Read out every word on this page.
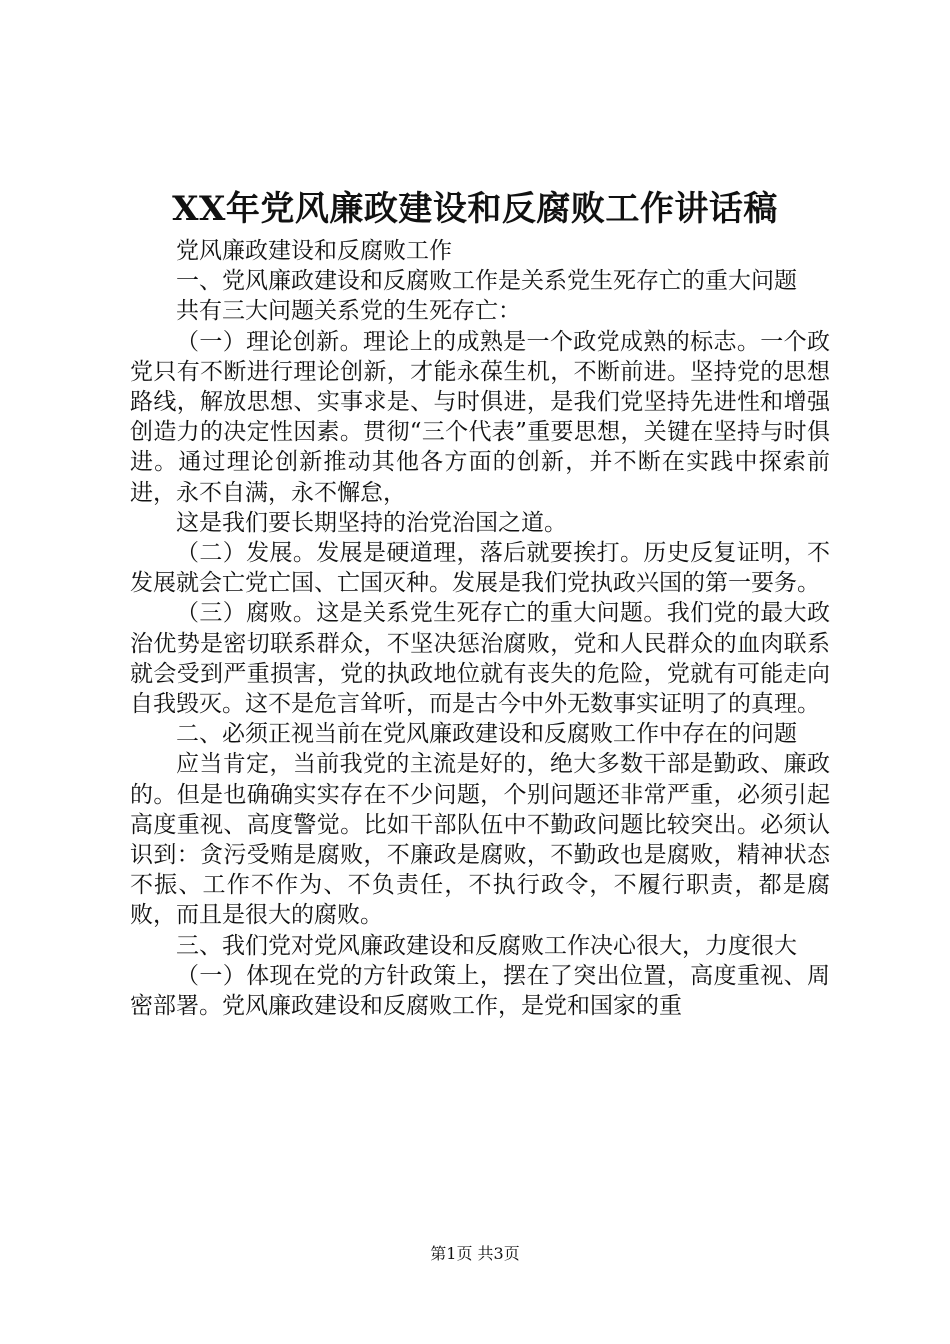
XX年党风廉政建设和反腐败工作讲话稿

党风廉政建设和反腐败工作

一、党风廉政建设和反腐败工作是关系党生死存亡的重大问题

共有三大问题关系党的生死存亡：

（一）理论创新。理论上的成熟是一个政党成熟的标志。一个政党只有不断进行理论创新，才能永葆生机，不断前进。坚持党的思想路线，解放思想、实事求是、与时俱进，是我们党坚持先进性和增强创造力的决定性因素。贯彻“三个代表”重要思想，关键在坚持与时俱进。通过理论创新推动其他各方面的创新，并不断在实践中探索前进，永不自满，永不懈怠，

这是我们要长期坚持的治党治国之道。

（二）发展。发展是硬道理，落后就要挨打。历史反复证明，不发展就会亡党亡国、亡国灭种。发展是我们党执政兴国的第一要务。

（三）腐败。这是关系党生死存亡的重大问题。我们党的最大政治优势是密切联系群众，不坚决惩治腐败，党和人民群众的血肉联系就会受到严重损害，党的执政地位就有丧失的危险，党就有可能走向自我毁灭。这不是危言耸听，而是古今中外无数事实证明了的真理。

二、必须正视当前在党风廉政建设和反腐败工作中存在的问题

应当肯定，当前我党的主流是好的，绝大多数干部是勤政、廉政的。但是也确确实实存在不少问题，个别问题还非常严重，必须引起高度重视、高度警觉。比如干部队伍中不勤政问题比较突出。必须认识到：贪污受贿是腐败，不廉政是腐败，不勤政也是腐败，精神状态不振、工作不作为、不负责任，不执行政令，不履行职责，都是腐败，而且是很大的腐败。

三、我们党对党风廉政建设和反腐败工作决心很大，力度很大

（一）体现在党的方针政策上，摆在了突出位置，高度重视、周密部署。党风廉政建设和反腐败工作，是党和国家的重

第1页 共3页
